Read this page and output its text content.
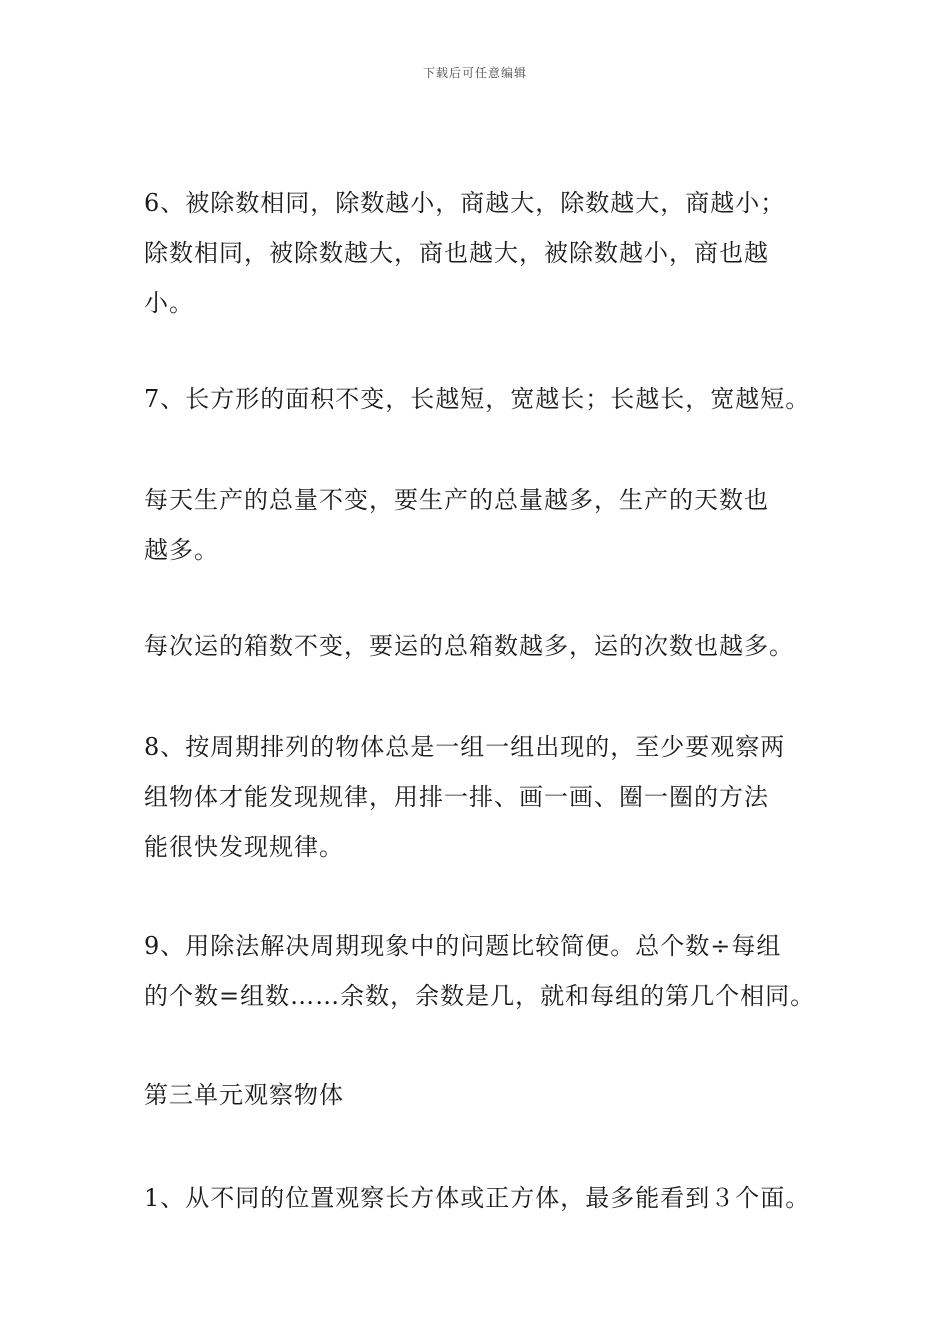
下载后可任意编辑
6、被除数相同，除数越小，商越大，除数越大，商越小；
除数相同，被除数越大，商也越大，被除数越小，商也越
小。
7、长方形的面积不变，长越短，宽越长；长越长，宽越短。
每天生产的总量不变，要生产的总量越多，生产的天数也
越多。
每次运的箱数不变，要运的总箱数越多，运的次数也越多。
8、按周期排列的物体总是一组一组出现的，至少要观察两
组物体才能发现规律，用排一排、画一画、圈一圈的方法
能很快发现规律。
9、用除法解决周期现象中的问题比较简便。总个数÷每组
的个数=组数……余数，余数是几，就和每组的第几个相同。
第三单元观察物体
1、从不同的位置观察长方体或正方体，最多能看到３个面。
